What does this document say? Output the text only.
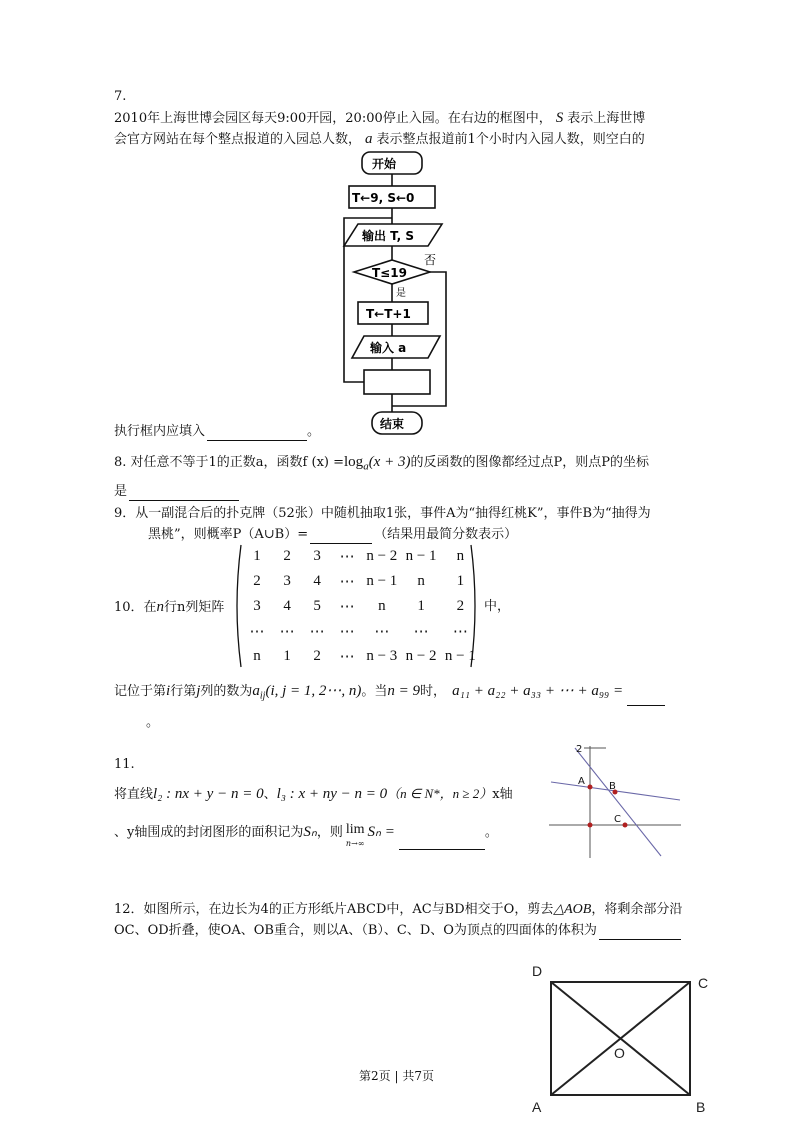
7.
2010年上海世博会园区每天9:00开园，20:00停止入园。在右边的框图中， S 表示上海世博
会官方网站在每个整点报道的入园总人数， a 表示整点报道前1个小时内入园人数，则空白的
开始
T←9, S←0
输出 T, S
T≤19
否
是
T←T+1
输入 a
结束
执行框内应填入	。
8. 对任意不等于1的正数a，函数f $(x) =\log_a(x + 3)$的反函数的图像都经过点P，则点P的坐标
是
9．从一副混合后的扑克牌（52张）中随机抽取1张，事件A为“抽得红桃K”，事件B为“抽得为
黑桃”，则概率P（A∪B）=	（结果用最简分数表示）
10．在n行n列矩阵
1	2	3	⋯	n − 2	n − 1	n
2	3	4	⋯	n − 1	n	1
3	4	5	⋯	n	1	2
⋯	⋯	⋯	⋯	⋯	⋯	⋯
n	1	2	⋯	n − 3	n − 2	n − 1
中，
记位于第i行第j列的数为$a_{ij}(i$, j = 1, 2⋯, n)。当n = 9时， a₁₁ + a₂₂ + a₃₃ + ⋯ + a₉₉ =
。
11.
将直线l₂ : nx + y − n = 0、l₃ : x + ny − n = 0（n ∈ N*，n ≥ 2）x轴
、y轴围成的封闭图形的面积记为Sₙ，则 lim
n→∞Sₙ =	。
2
A B
C
12．如图所示，在边长为4的正方形纸片ABCD中，AC与BD相交于O，剪去△AOB，将剩余部分沿
OC、OD折叠，使OA、OB重合，则以A、（B）、C、D、O为顶点的四面体的体积为
D
C
A	B
O
第2页 | 共7页
